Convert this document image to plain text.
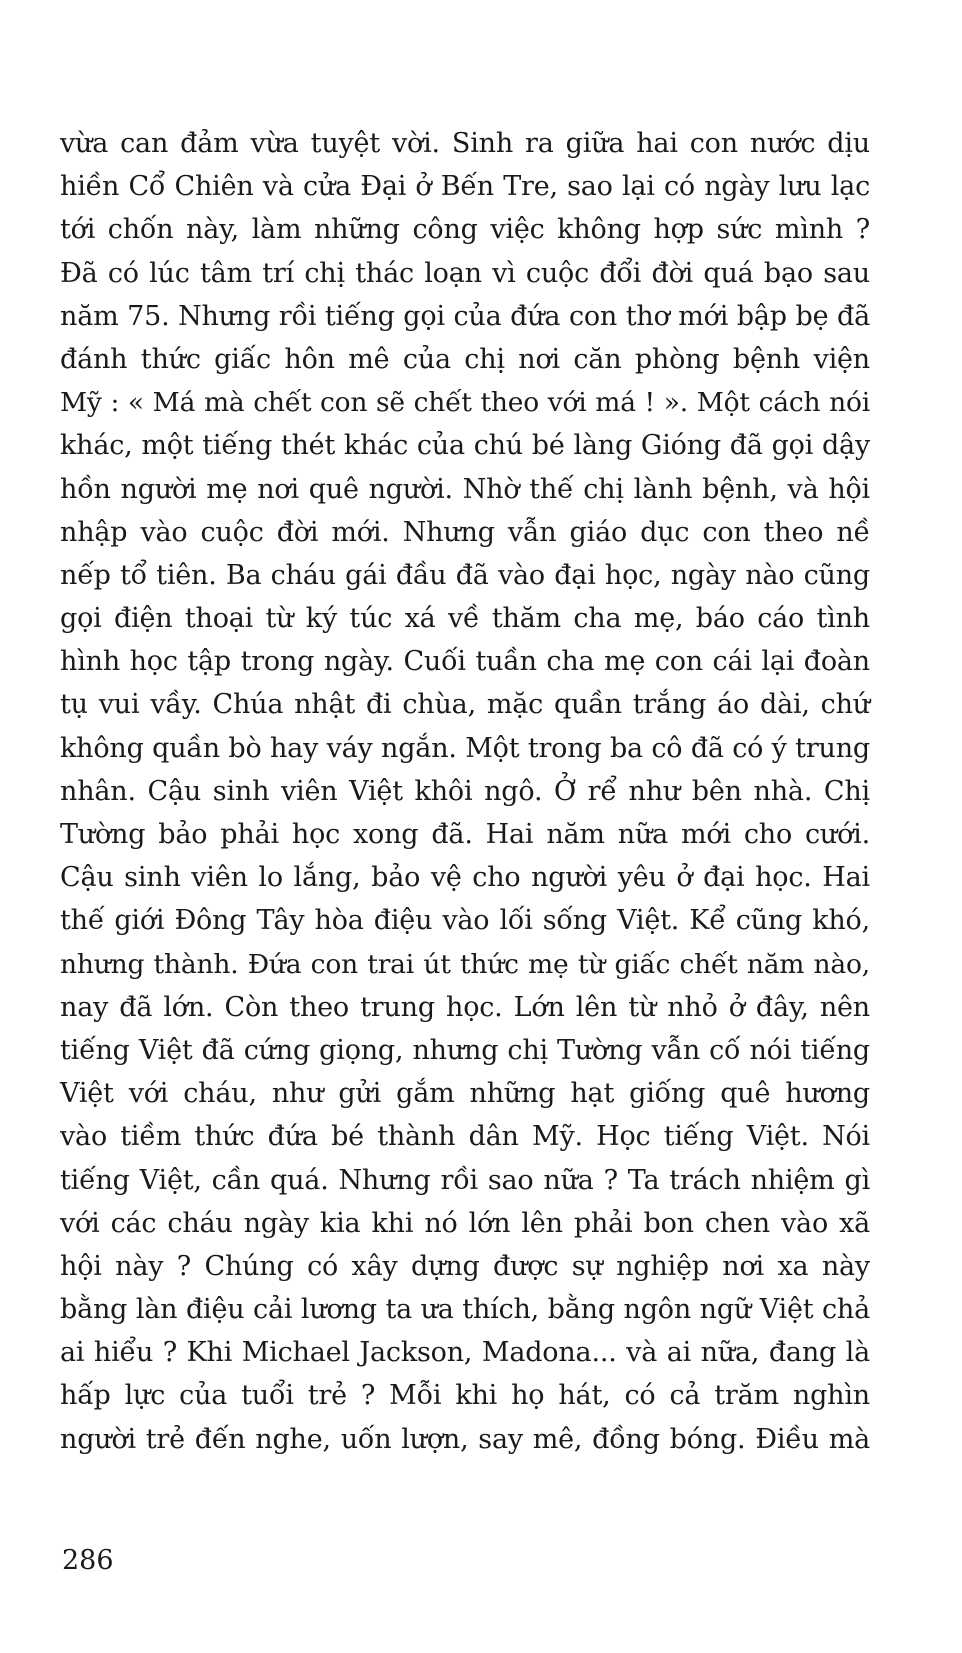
vừa can đảm vừa tuyệt vời. Sinh ra giữa hai con nước dịu
hiền Cổ Chiên và cửa Đại ở Bến Tre, sao lại có ngày lưu lạc
tới chốn này, làm những công việc không hợp sức mình ?
Đã có lúc tâm trí chị thác loạn vì cuộc đổi đời quá bạo sau
năm 75. Nhưng rồi tiếng gọi của đứa con thơ mới bập bẹ đã
đánh thức giấc hôn mê của chị nơi căn phòng bệnh viện
Mỹ : « Má mà chết con sẽ chết theo với má ! ». Một cách nói
khác, một tiếng thét khác của chú bé làng Gióng đã gọi dậy
hồn người mẹ nơi quê người. Nhờ thế chị lành bệnh, và hội
nhập vào cuộc đời mới. Nhưng vẫn giáo dục con theo nề
nếp tổ tiên. Ba cháu gái đầu đã vào đại học, ngày nào cũng
gọi điện thoại từ ký túc xá về thăm cha mẹ, báo cáo tình
hình học tập trong ngày. Cuối tuần cha mẹ con cái lại đoàn
tụ vui vầy. Chúa nhật đi chùa, mặc quần trắng áo dài, chứ
không quần bò hay váy ngắn. Một trong ba cô đã có ý trung
nhân. Cậu sinh viên Việt khôi ngô. Ở rể như bên nhà. Chị
Tường bảo phải học xong đã. Hai năm nữa mới cho cưới.
Cậu sinh viên lo lắng, bảo vệ cho người yêu ở đại học. Hai
thế giới Đông Tây hòa điệu vào lối sống Việt. Kể cũng khó,
nhưng thành. Đứa con trai út thức mẹ từ giấc chết năm nào,
nay đã lớn. Còn theo trung học. Lớn lên từ nhỏ ở đây, nên
tiếng Việt đã cứng giọng, nhưng chị Tường vẫn cố nói tiếng
Việt với cháu, như gửi gắm những hạt giống quê hương
vào tiềm thức đứa bé thành dân Mỹ. Học tiếng Việt. Nói
tiếng Việt, cần quá. Nhưng rồi sao nữa ? Ta trách nhiệm gì
với các cháu ngày kia khi nó lớn lên phải bon chen vào xã
hội này ? Chúng có xây dựng được sự nghiệp nơi xa này
bằng làn điệu cải lương ta ưa thích, bằng ngôn ngữ Việt chả
ai hiểu ? Khi Michael Jackson, Madona... và ai nữa, đang là
hấp lực của tuổi trẻ ? Mỗi khi họ hát, có cả trăm nghìn
người trẻ đến nghe, uốn lượn, say mê, đồng bóng. Điều mà
286
